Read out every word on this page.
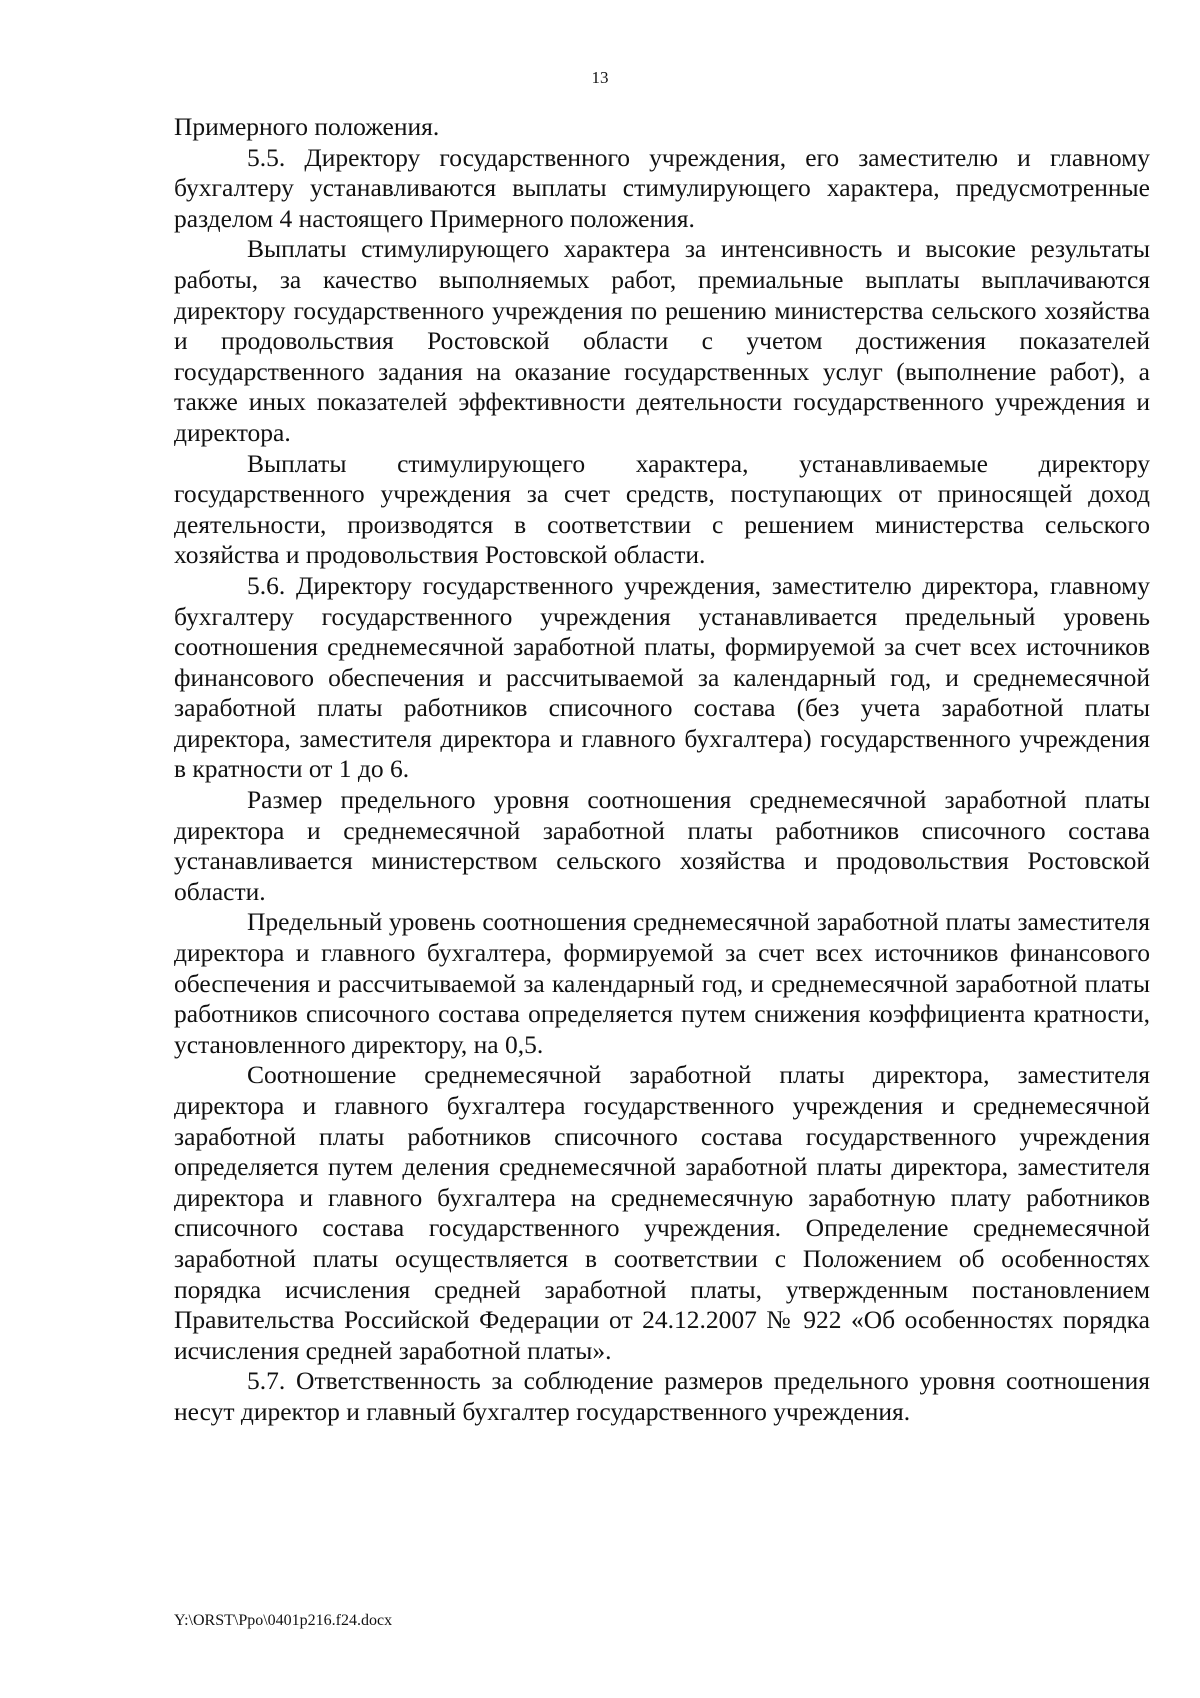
13

Примерного положения.

5.5. Директору государственного учреждения, его заместителю и главному бухгалтеру устанавливаются выплаты стимулирующего характера, предусмотренные разделом 4 настоящего Примерного положения.

Выплаты стимулирующего характера за интенсивность и высокие результаты работы, за качество выполняемых работ, премиальные выплаты выплачиваются директору государственного учреждения по решению министерства сельского хозяйства и продовольствия Ростовской области с учетом достижения показателей государственного задания на оказание государственных услуг (выполнение работ), а также иных показателей эффективности деятельности государственного учреждения и директора.

Выплаты стимулирующего характера, устанавливаемые директору государственного учреждения за счет средств, поступающих от приносящей доход деятельности, производятся в соответствии с решением министерства сельского хозяйства и продовольствия Ростовской области.

5.6. Директору государственного учреждения, заместителю директора, главному бухгалтеру государственного учреждения устанавливается предельный уровень соотношения среднемесячной заработной платы, формируемой за счет всех источников финансового обеспечения и рассчитываемой за календарный год, и среднемесячной заработной платы работников списочного состава (без учета заработной платы директора, заместителя директора и главного бухгалтера) государственного учреждения в кратности от 1 до 6.

Размер предельного уровня соотношения среднемесячной заработной платы директора и среднемесячной заработной платы работников списочного состава устанавливается министерством сельского хозяйства и продовольствия Ростовской области.

Предельный уровень соотношения среднемесячной заработной платы заместителя директора и главного бухгалтера, формируемой за счет всех источников финансового обеспечения и рассчитываемой за календарный год, и среднемесячной заработной платы работников списочного состава определяется путем снижения коэффициента кратности, установленного директору, на 0,5.

Соотношение среднемесячной заработной платы директора, заместителя директора и главного бухгалтера государственного учреждения и среднемесячной заработной платы работников списочного состава государственного учреждения определяется путем деления среднемесячной заработной платы директора, заместителя директора и главного бухгалтера на среднемесячную заработную плату работников списочного состава государственного учреждения. Определение среднемесячной заработной платы осуществляется в соответствии с Положением об особенностях порядка исчисления средней заработной платы, утвержденным постановлением Правительства Российской Федерации от 24.12.2007 № 922 «Об особенностях порядка исчисления средней заработной платы».

5.7. Ответственность за соблюдение размеров предельного уровня соотношения несут директор и главный бухгалтер государственного учреждения.

Y:\ORST\Ppo\0401p216.f24.docx
